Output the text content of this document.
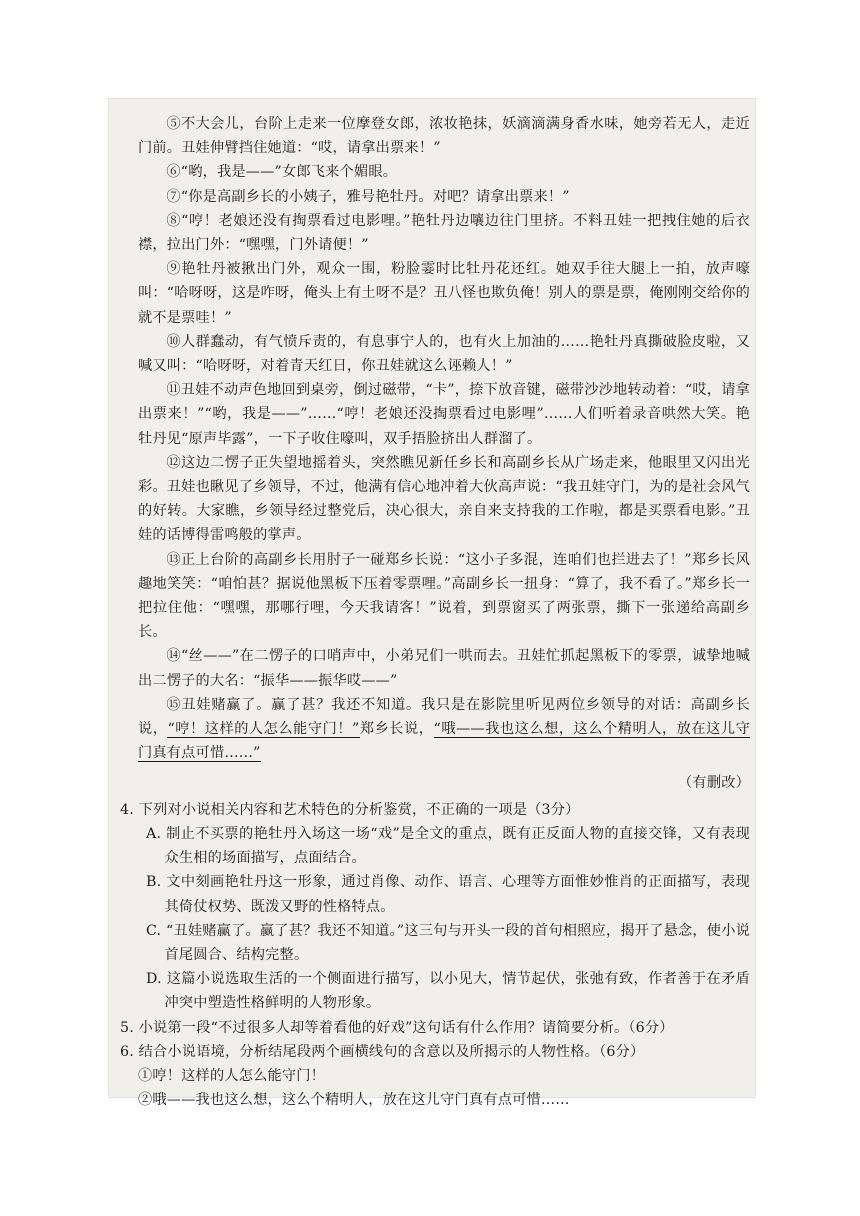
⑤不大会儿，台阶上走来一位摩登女郎，浓妆艳抹，妖滴滴满身香水味，她旁若无人，走近门前。丑娃伸臂挡住她道：“哎，请拿出票来！”

⑥“哟，我是——”女郎飞来个媚眼。

⑦“你是高副乡长的小姨子，雅号艳牡丹。对吧？请拿出票来！”

⑧“哼！老娘还没有掏票看过电影哩。”艳牡丹边嚷边往门里挤。不料丑娃一把拽住她的后衣襟，拉出门外：“嘿嘿，门外请便！”

⑨艳牡丹被揪出门外，观众一围，粉脸霎时比牡丹花还红。她双手往大腿上一拍，放声嚎叫：“哈呀呀，这是咋呀，俺头上有土呀不是？丑八怪也欺负俺！别人的票是票，俺刚刚交给你的就不是票哇！”

⑩人群蠢动，有气愤斥责的，有息事宁人的，也有火上加油的……艳牡丹真撕破脸皮啦，又喊又叫：“哈呀呀，对着青天红日，你丑娃就这么诬赖人！”

⑪丑娃不动声色地回到桌旁，倒过磁带，“卡”，捺下放音键，磁带沙沙地转动着：“哎，请拿出票来！”“哟，我是——”……“哼！老娘还没掏票看过电影哩”……人们听着录音哄然大笑。艳牡丹见“原声毕露”，一下子收住嚎叫，双手捂脸挤出人群溜了。

⑫这边二愣子正失望地摇着头，突然瞧见新任乡长和高副乡长从广场走来，他眼里又闪出光彩。丑娃也瞅见了乡领导，不过，他满有信心地冲着大伙高声说：“我丑娃守门，为的是社会风气的好转。大家瞧，乡领导经过整党后，决心很大，亲自来支持我的工作啦，都是买票看电影。”丑娃的话博得雷鸣般的掌声。

⑬正上台阶的高副乡长用肘子一碰郑乡长说：“这小子多混，连咱们也拦进去了！”郑乡长风趣地笑笑：“咱怕甚？据说他黑板下压着零票哩。”高副乡长一扭身：“算了，我不看了。”郑乡长一把拉住他：“嘿嘿，那哪行哩，今天我请客！”说着，到票窗买了两张票，撕下一张递给高副乡长。

⑭“丝——”在二愣子的口哨声中，小弟兄们一哄而去。丑娃忙抓起黑板下的零票，诚挚地喊出二愣子的大名：“振华——振华哎——”

⑮丑娃赌赢了。赢了甚？我还不知道。我只是在影院里听见两位乡领导的对话：高副乡长说，“哼！这样的人怎么能守门！”郑乡长说，“哦——我也这么想，这么个精明人，放在这儿守门真有点可惜……”

（有删改）

4. 下列对小说相关内容和艺术特色的分析鉴赏，不正确的一项是（3分）

A. 制止不买票的艳牡丹入场这一场“戏”是全文的重点，既有正反面人物的直接交锋，又有表现众生相的场面描写，点面结合。

B. 文中刻画艳牡丹这一形象，通过肖像、动作、语言、心理等方面惟妙惟肖的正面描写，表现其倚仗权势、既泼又野的性格特点。

C. “丑娃赌赢了。赢了甚？我还不知道。”这三句与开头一段的首句相照应，揭开了悬念，使小说首尾圆合、结构完整。

D. 这篇小说选取生活的一个侧面进行描写，以小见大，情节起伏，张弛有致，作者善于在矛盾冲突中塑造性格鲜明的人物形象。

5. 小说第一段“不过很多人却等着看他的好戏”这句话有什么作用？请简要分析。（6分）

6. 结合小说语境，分析结尾段两个画横线句的含意以及所揭示的人物性格。（6分）

①哼！这样的人怎么能守门！

②哦——我也这么想，这么个精明人，放在这儿守门真有点可惜……
